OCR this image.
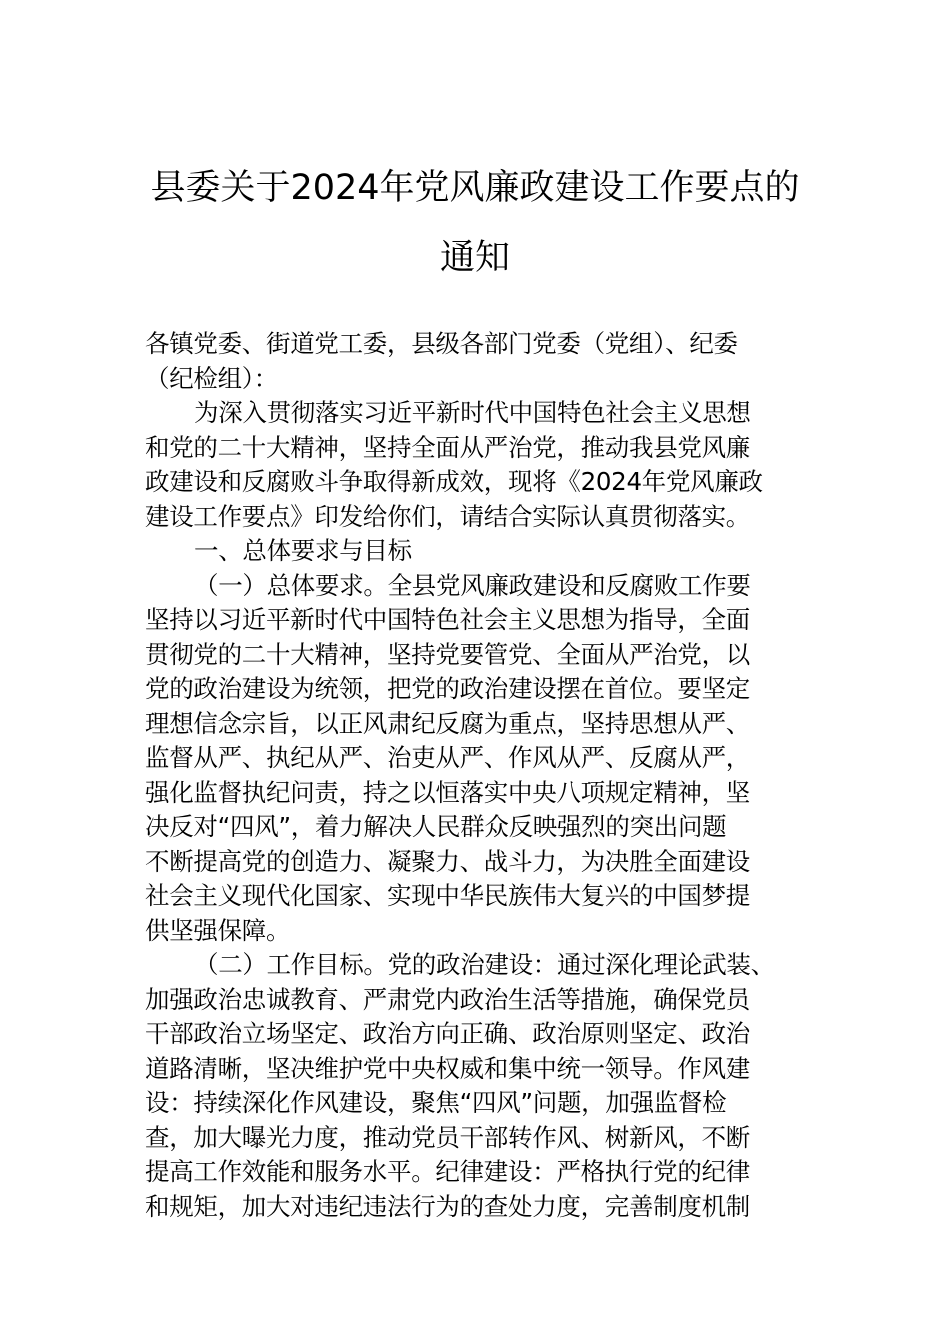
县委关于2024年党风廉政建设工作要点的
通知
各镇党委、街道党工委，县级各部门党委（党组）、纪委
（纪检组）：
为深入贯彻落实习近平新时代中国特色社会主义思想
和党的二十大精神，坚持全面从严治党，推动我县党风廉
政建设和反腐败斗争取得新成效，现将《2024年党风廉政
建设工作要点》印发给你们，请结合实际认真贯彻落实。
一、总体要求与目标
（一）总体要求。全县党风廉政建设和反腐败工作要
坚持以习近平新时代中国特色社会主义思想为指导，全面
贯彻党的二十大精神，坚持党要管党、全面从严治党，以
党的政治建设为统领，把党的政治建设摆在首位。要坚定
理想信念宗旨，以正风肃纪反腐为重点，坚持思想从严、
监督从严、执纪从严、治吏从严、作风从严、反腐从严，
强化监督执纪问责，持之以恒落实中央八项规定精神，坚
决反对“四风”，着力解决人民群众反映强烈的突出问题
不断提高党的创造力、凝聚力、战斗力，为决胜全面建设
社会主义现代化国家、实现中华民族伟大复兴的中国梦提
供坚强保障。
（二）工作目标。党的政治建设：通过深化理论武装、
加强政治忠诚教育、严肃党内政治生活等措施，确保党员
干部政治立场坚定、政治方向正确、政治原则坚定、政治
道路清晰，坚决维护党中央权威和集中统一领导。作风建
设：持续深化作风建设，聚焦“四风”问题，加强监督检
查，加大曝光力度，推动党员干部转作风、树新风，不断
提高工作效能和服务水平。纪律建设：严格执行党的纪律
和规矩，加大对违纪违法行为的查处力度，完善制度机制
